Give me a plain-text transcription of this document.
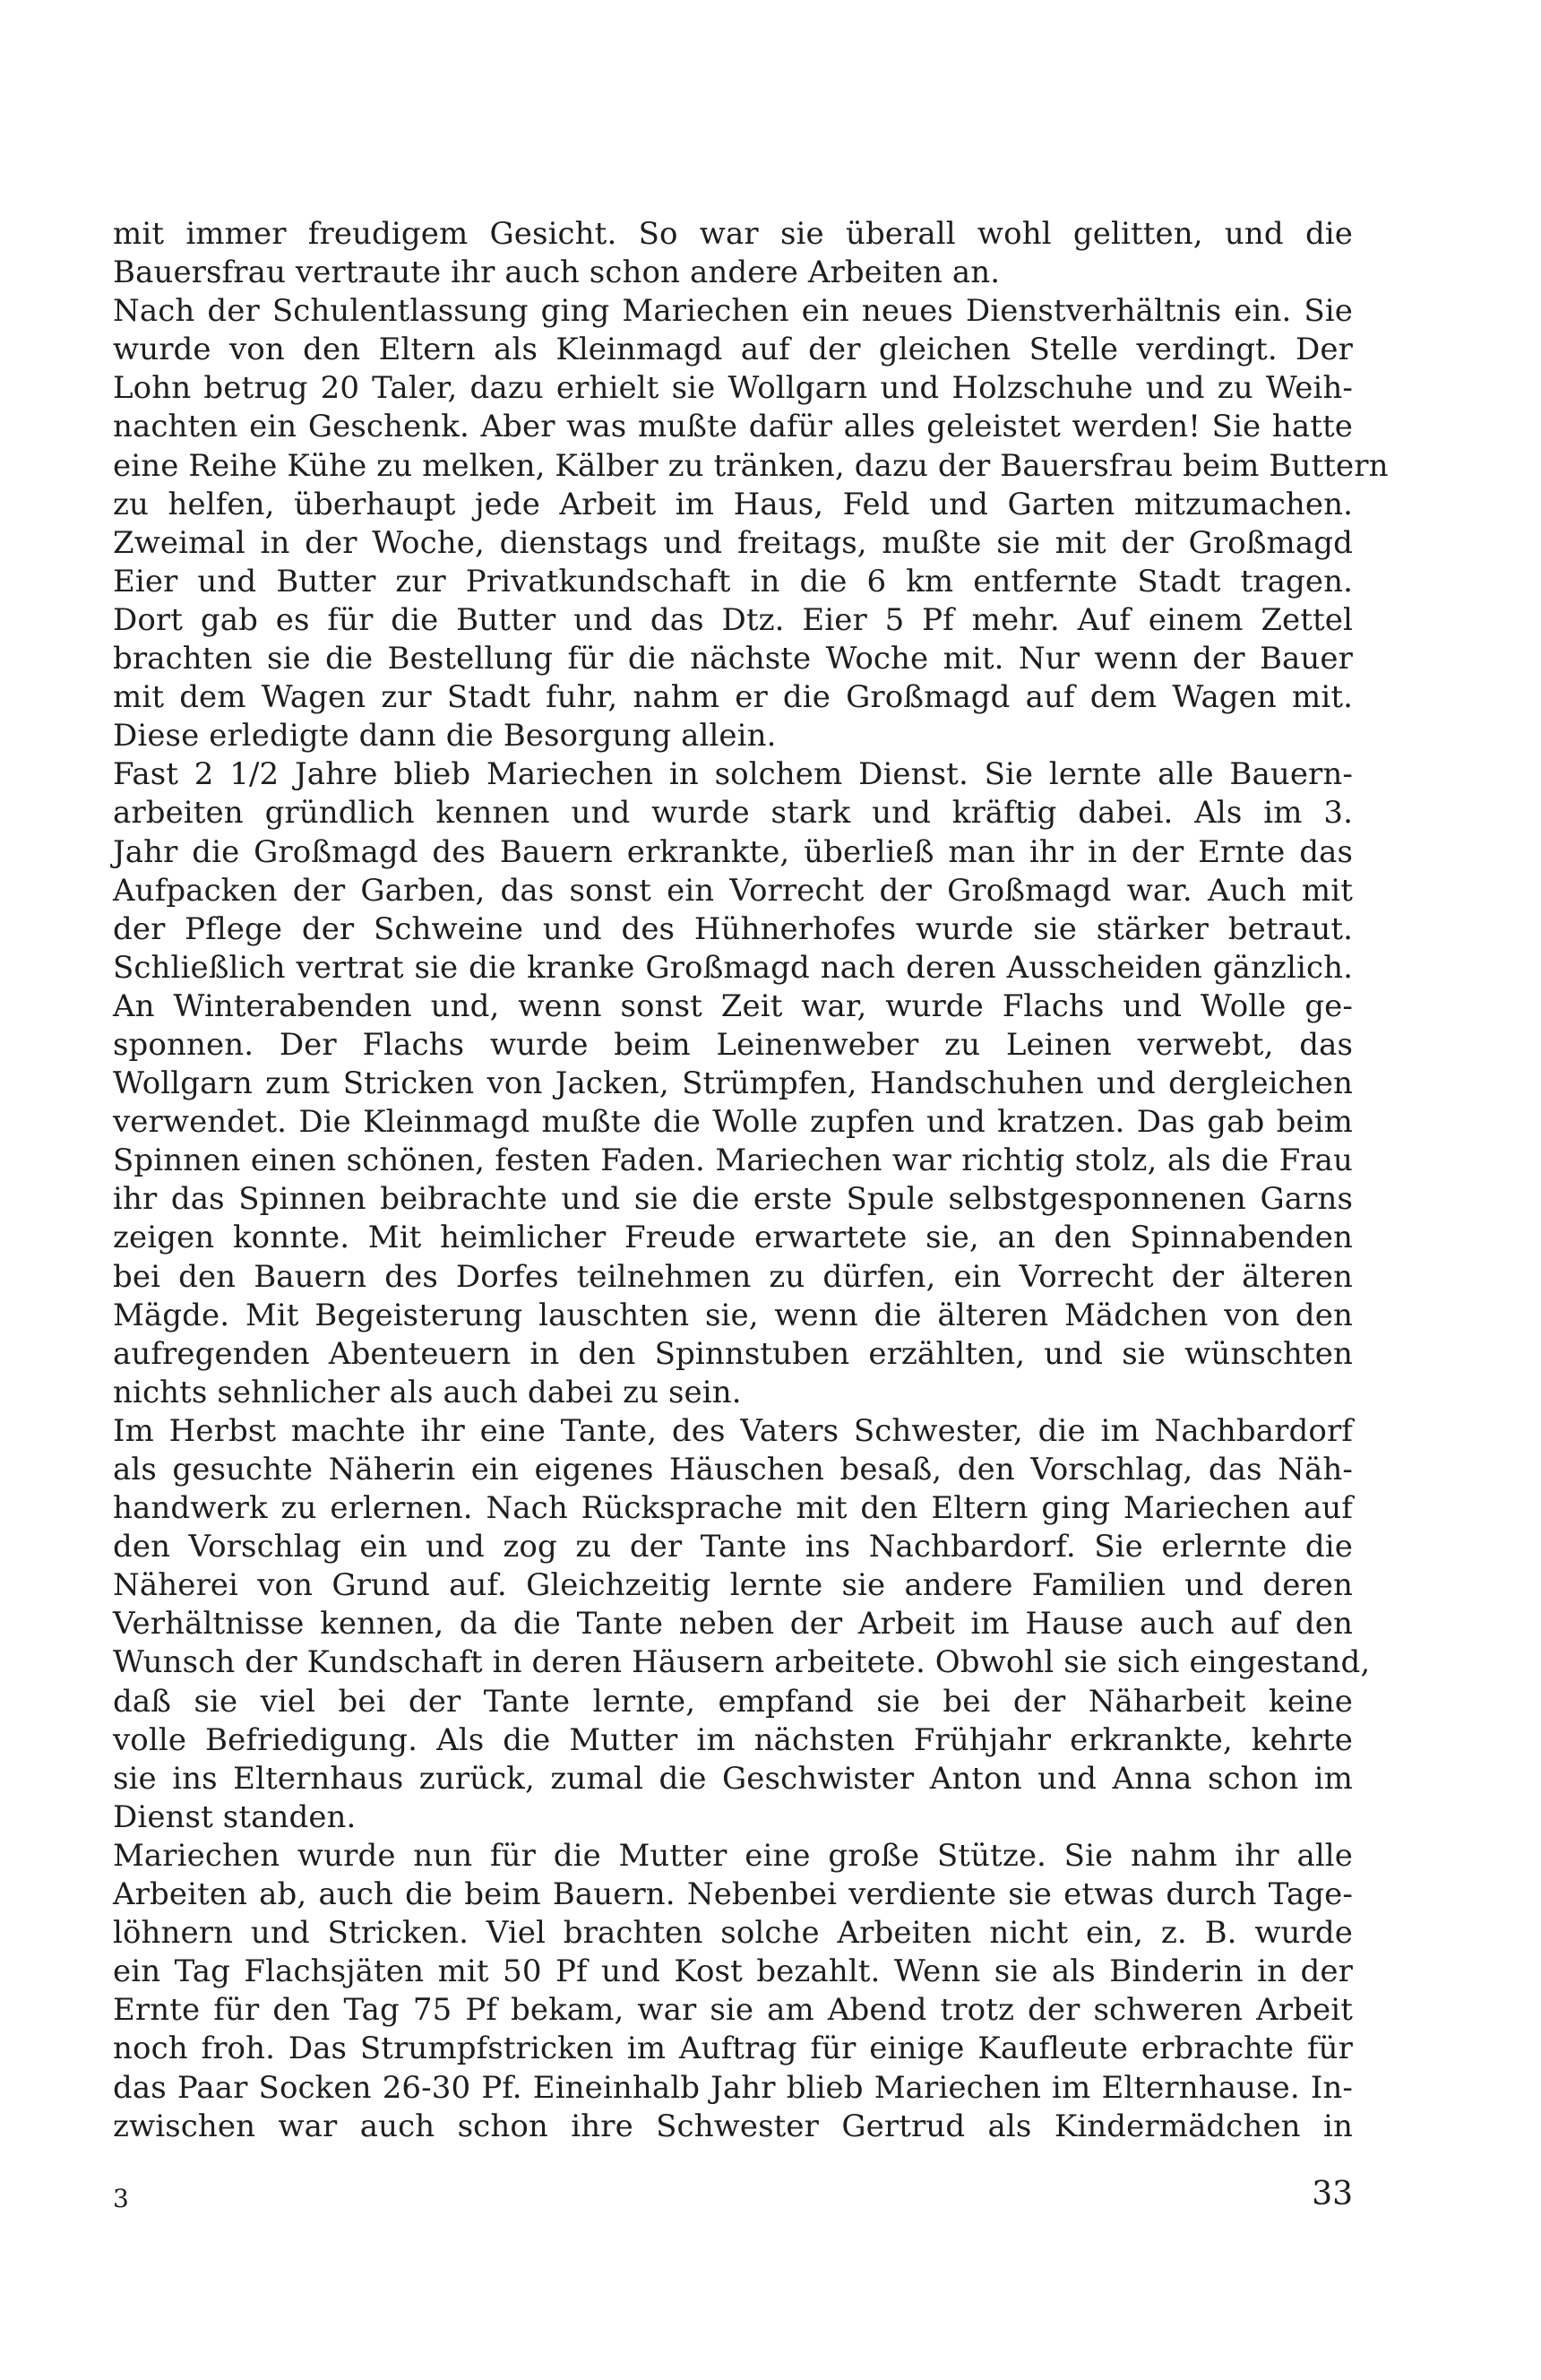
mit immer freudigem Gesicht. So war sie überall wohl gelitten, und die
Bauersfrau vertraute ihr auch schon andere Arbeiten an.
Nach der Schulentlassung ging Mariechen ein neues Dienstverhältnis ein. Sie
wurde von den Eltern als Kleinmagd auf der gleichen Stelle verdingt. Der
Lohn betrug 20 Taler, dazu erhielt sie Wollgarn und Holzschuhe und zu Weih-
nachten ein Geschenk. Aber was mußte dafür alles geleistet werden! Sie hatte
eine Reihe Kühe zu melken, Kälber zu tränken, dazu der Bauersfrau beim Buttern
zu helfen, überhaupt jede Arbeit im Haus, Feld und Garten mitzumachen.
Zweimal in der Woche, dienstags und freitags, mußte sie mit der Großmagd
Eier und Butter zur Privatkundschaft in die 6 km entfernte Stadt tragen.
Dort gab es für die Butter und das Dtz. Eier 5 Pf mehr. Auf einem Zettel
brachten sie die Bestellung für die nächste Woche mit. Nur wenn der Bauer
mit dem Wagen zur Stadt fuhr, nahm er die Großmagd auf dem Wagen mit.
Diese erledigte dann die Besorgung allein.
Fast 2 1/2 Jahre blieb Mariechen in solchem Dienst. Sie lernte alle Bauern-
arbeiten gründlich kennen und wurde stark und kräftig dabei. Als im 3.
Jahr die Großmagd des Bauern erkrankte, überließ man ihr in der Ernte das
Aufpacken der Garben, das sonst ein Vorrecht der Großmagd war. Auch mit
der Pflege der Schweine und des Hühnerhofes wurde sie stärker betraut.
Schließlich vertrat sie die kranke Großmagd nach deren Ausscheiden gänzlich.
An Winterabenden und, wenn sonst Zeit war, wurde Flachs und Wolle ge-
sponnen. Der Flachs wurde beim Leinenweber zu Leinen verwebt, das
Wollgarn zum Stricken von Jacken, Strümpfen, Handschuhen und dergleichen
verwendet. Die Kleinmagd mußte die Wolle zupfen und kratzen. Das gab beim
Spinnen einen schönen, festen Faden. Mariechen war richtig stolz, als die Frau
ihr das Spinnen beibrachte und sie die erste Spule selbstgesponnenen Garns
zeigen konnte. Mit heimlicher Freude erwartete sie, an den Spinnabenden
bei den Bauern des Dorfes teilnehmen zu dürfen, ein Vorrecht der älteren
Mägde. Mit Begeisterung lauschten sie, wenn die älteren Mädchen von den
aufregenden Abenteuern in den Spinnstuben erzählten, und sie wünschten
nichts sehnlicher als auch dabei zu sein.
Im Herbst machte ihr eine Tante, des Vaters Schwester, die im Nachbardorf
als gesuchte Näherin ein eigenes Häuschen besaß, den Vorschlag, das Näh-
handwerk zu erlernen. Nach Rücksprache mit den Eltern ging Mariechen auf
den Vorschlag ein und zog zu der Tante ins Nachbardorf. Sie erlernte die
Näherei von Grund auf. Gleichzeitig lernte sie andere Familien und deren
Verhältnisse kennen, da die Tante neben der Arbeit im Hause auch auf den
Wunsch der Kundschaft in deren Häusern arbeitete. Obwohl sie sich eingestand,
daß sie viel bei der Tante lernte, empfand sie bei der Näharbeit keine
volle Befriedigung. Als die Mutter im nächsten Frühjahr erkrankte, kehrte
sie ins Elternhaus zurück, zumal die Geschwister Anton und Anna schon im
Dienst standen.
Mariechen wurde nun für die Mutter eine große Stütze. Sie nahm ihr alle
Arbeiten ab, auch die beim Bauern. Nebenbei verdiente sie etwas durch Tage-
löhnern und Stricken. Viel brachten solche Arbeiten nicht ein, z. B. wurde
ein Tag Flachsjäten mit 50 Pf und Kost bezahlt. Wenn sie als Binderin in der
Ernte für den Tag 75 Pf bekam, war sie am Abend trotz der schweren Arbeit
noch froh. Das Strumpfstricken im Auftrag für einige Kaufleute erbrachte für
das Paar Socken 26-30 Pf. Eineinhalb Jahr blieb Mariechen im Elternhause. In-
zwischen war auch schon ihre Schwester Gertrud als Kindermädchen in
3	33
